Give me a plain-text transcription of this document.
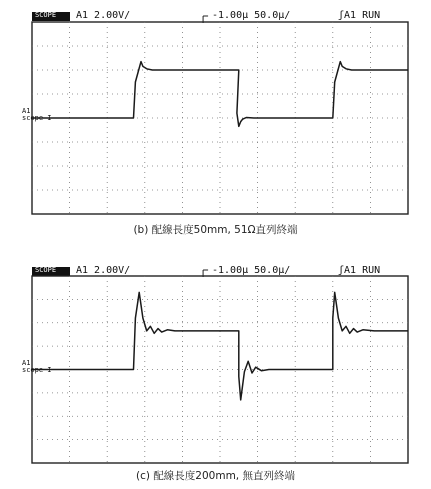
SCOPE A1 2.00V/	-1.00µ 50.0µ/	ʃA1 RUN
A1
scope I
(b) 配線長度50mm, 51Ω直列終端
SCOPE A1 2.00V/	-1.00µ 50.0µ/	ʃA1 RUN
A1
scope I
(c) 配線長度200mm, 無直列終端
